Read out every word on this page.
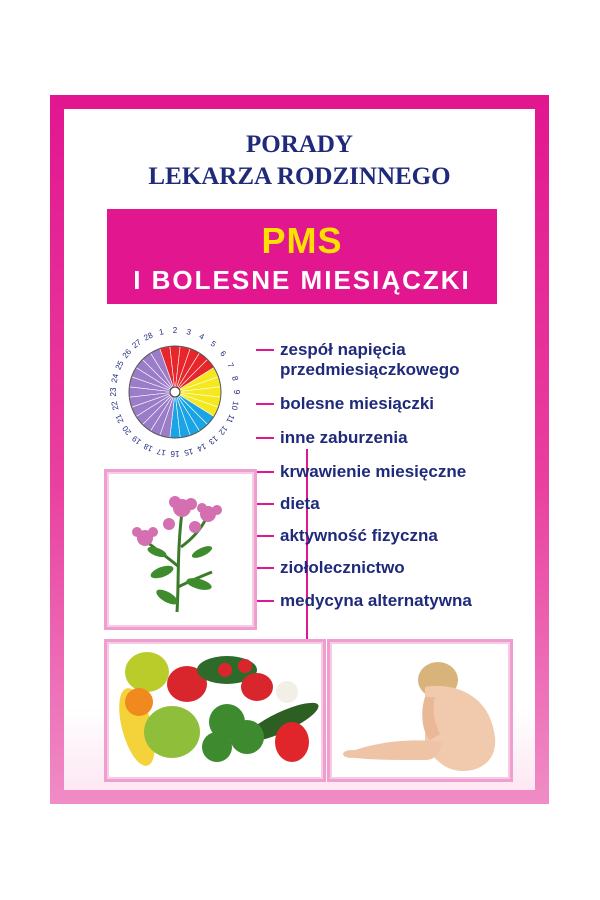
PORADY
LEKARZA RODZINNEGO
PMS
I BOLESNE MIESIĄCZKI
1 2 3 4
5
6
7
8
9
10
11
12
13
14
15
16
17
18
19
20
21
22
23
24
25
26
27
28
zespół napięcia
przedmiesiączkowego
bolesne miesiączki
inne zaburzenia
krwawienie miesięczne
dieta
aktywność fizyczna
ziołolecznictwo
medycyna alternatywna
